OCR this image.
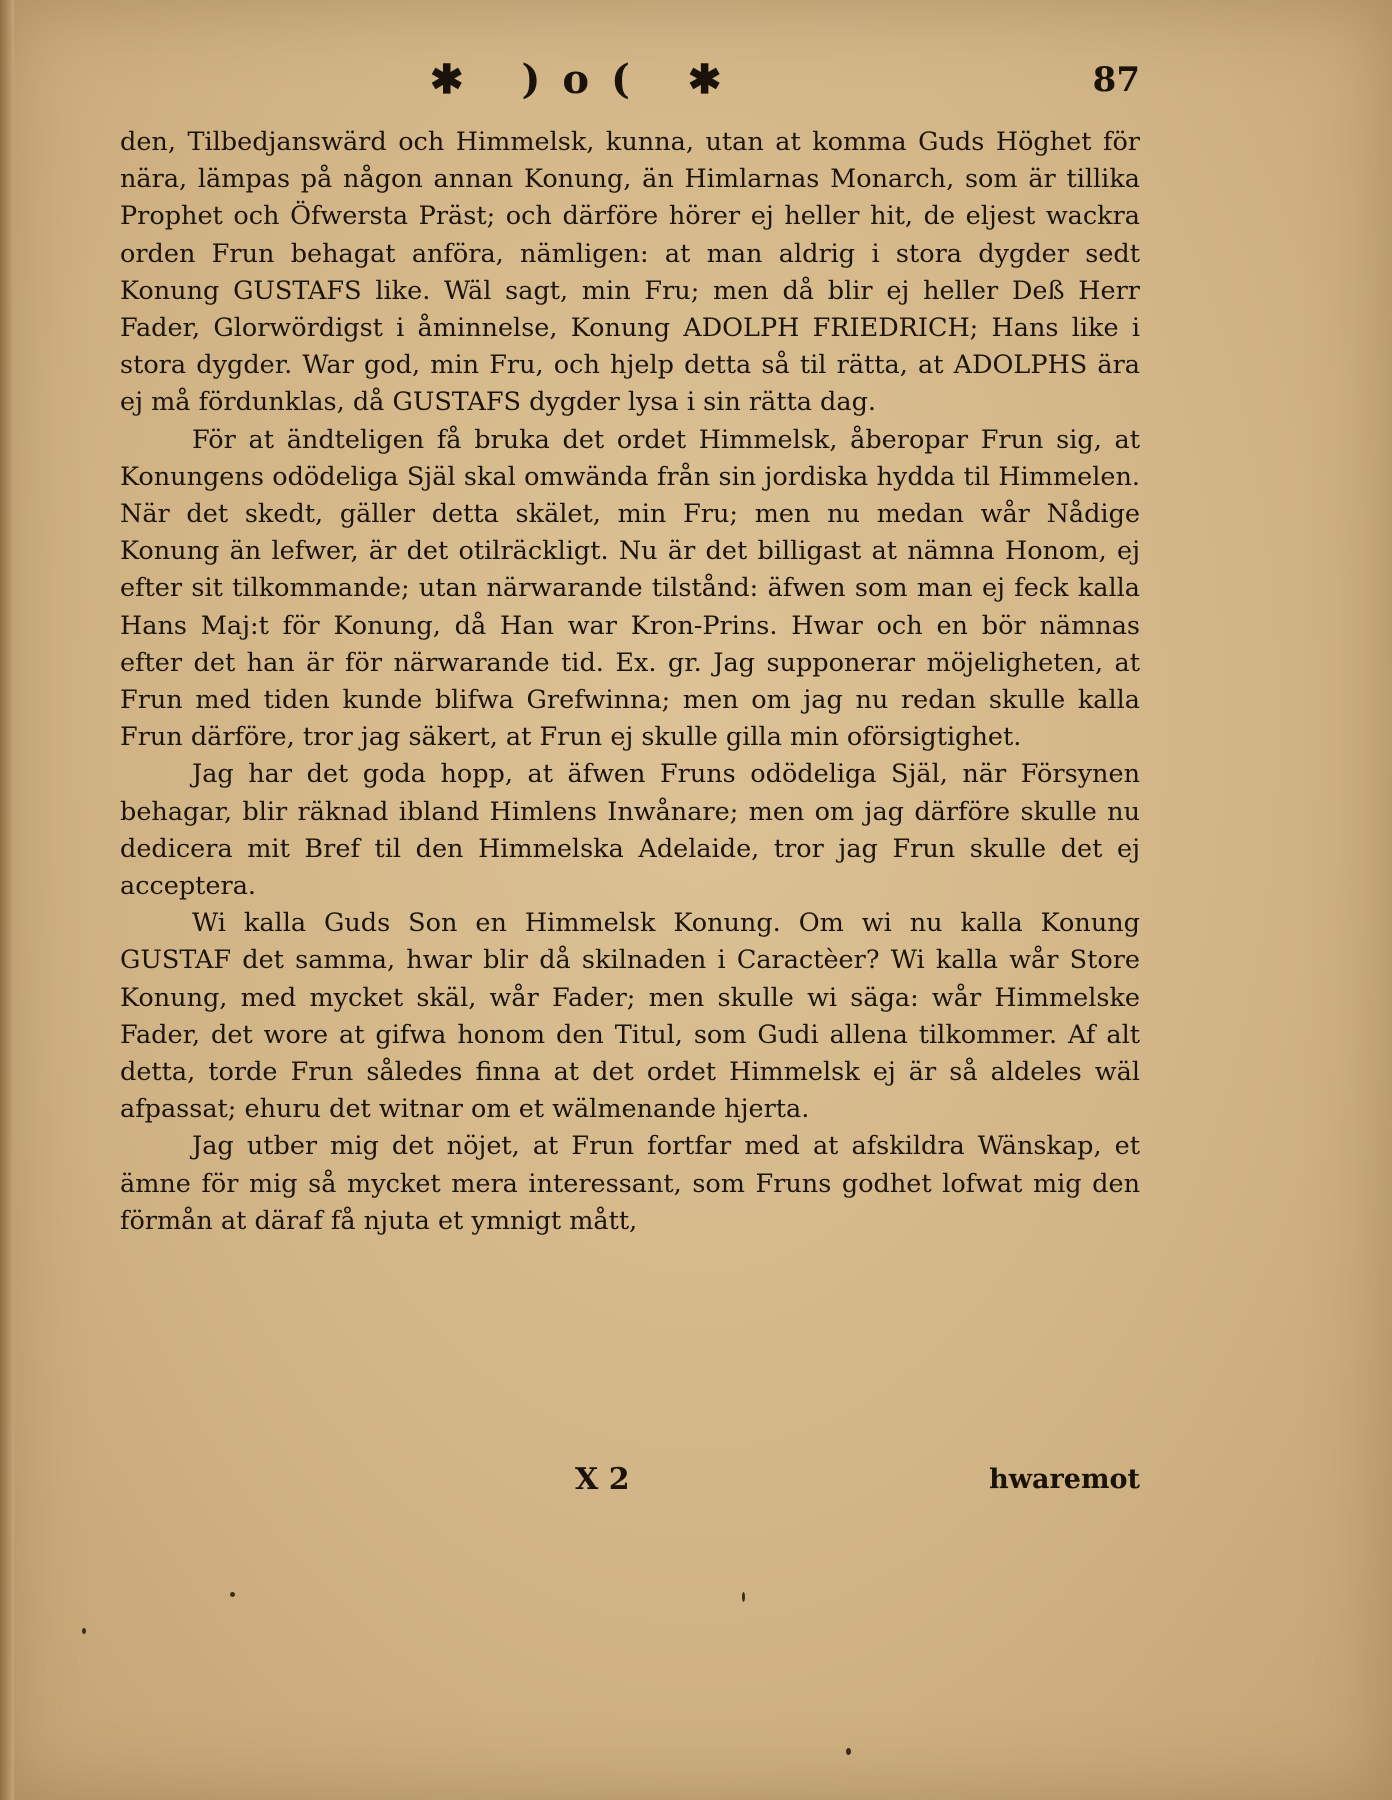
✱ )o( ✱	87

den, Tilbedjanswärd och Himmelsk, kunna, utan at komma Guds Höghet för nära, lämpas på någon annan Konung, än Himlarnas Monarch, som är tillika Prophet och Öfwersta Präst; och därföre hörer ej heller hit, de eljest wackra orden Frun behagat anföra, nämligen: at man aldrig i stora dygder sedt Konung GUSTAFS like. Wäl sagt, min Fru; men då blir ej heller Deß Herr Fader, Glorwördigst i åminnelse, Konung ADOLPH FRIEDRICH; Hans like i stora dygder. War god, min Fru, och hjelp detta så til rätta, at ADOLPHS ära ej må fördunklas, då GUSTAFS dygder lysa i sin rätta dag.

För at ändteligen få bruka det ordet Himmelsk, åberopar Frun sig, at Konungens odödeliga Själ skal omwända från sin jordiska hydda til Himmelen. När det skedt, gäller detta skälet, min Fru; men nu medan wår Nådige Konung än lefwer, är det otilräckligt. Nu är det billigast at nämna Honom, ej efter sit tilkommande; utan närwarande tilstånd: äfwen som man ej feck kalla Hans Maj:t för Konung, då Han war Kron-Prins. Hwar och en bör nämnas efter det han är för närwarande tid. Ex. gr. Jag supponerar möjeligheten, at Frun med tiden kunde blifwa Grefwinna; men om jag nu redan skulle kalla Frun därföre, tror jag säkert, at Frun ej skulle gilla min oförsigtighet.

Jag har det goda hopp, at äfwen Fruns odödeliga Själ, när Försynen behagar, blir räknad ibland Himlens Inwånare; men om jag därföre skulle nu dedicera mit Bref til den Himmelska Adelaide, tror jag Frun skulle det ej acceptera.

Wi kalla Guds Son en Himmelsk Konung. Om wi nu kalla Konung GUSTAF det samma, hwar blir då skilnaden i Caractèer? Wi kalla wår Store Konung, med mycket skäl, wår Fader; men skulle wi säga: wår Himmelske Fader, det wore at gifwa honom den Titul, som Gudi allena tilkommer. Af alt detta, torde Frun således finna at det ordet Himmelsk ej är så aldeles wäl afpassat; ehuru det witnar om et wälmenande hjerta.

Jag utber mig det nöjet, at Frun fortfar med at afskildra Wänskap, et ämne för mig så mycket mera interessant, som Fruns godhet lofwat mig den förmån at däraf få njuta et ymnigt mått,

X 2	hwaremot
